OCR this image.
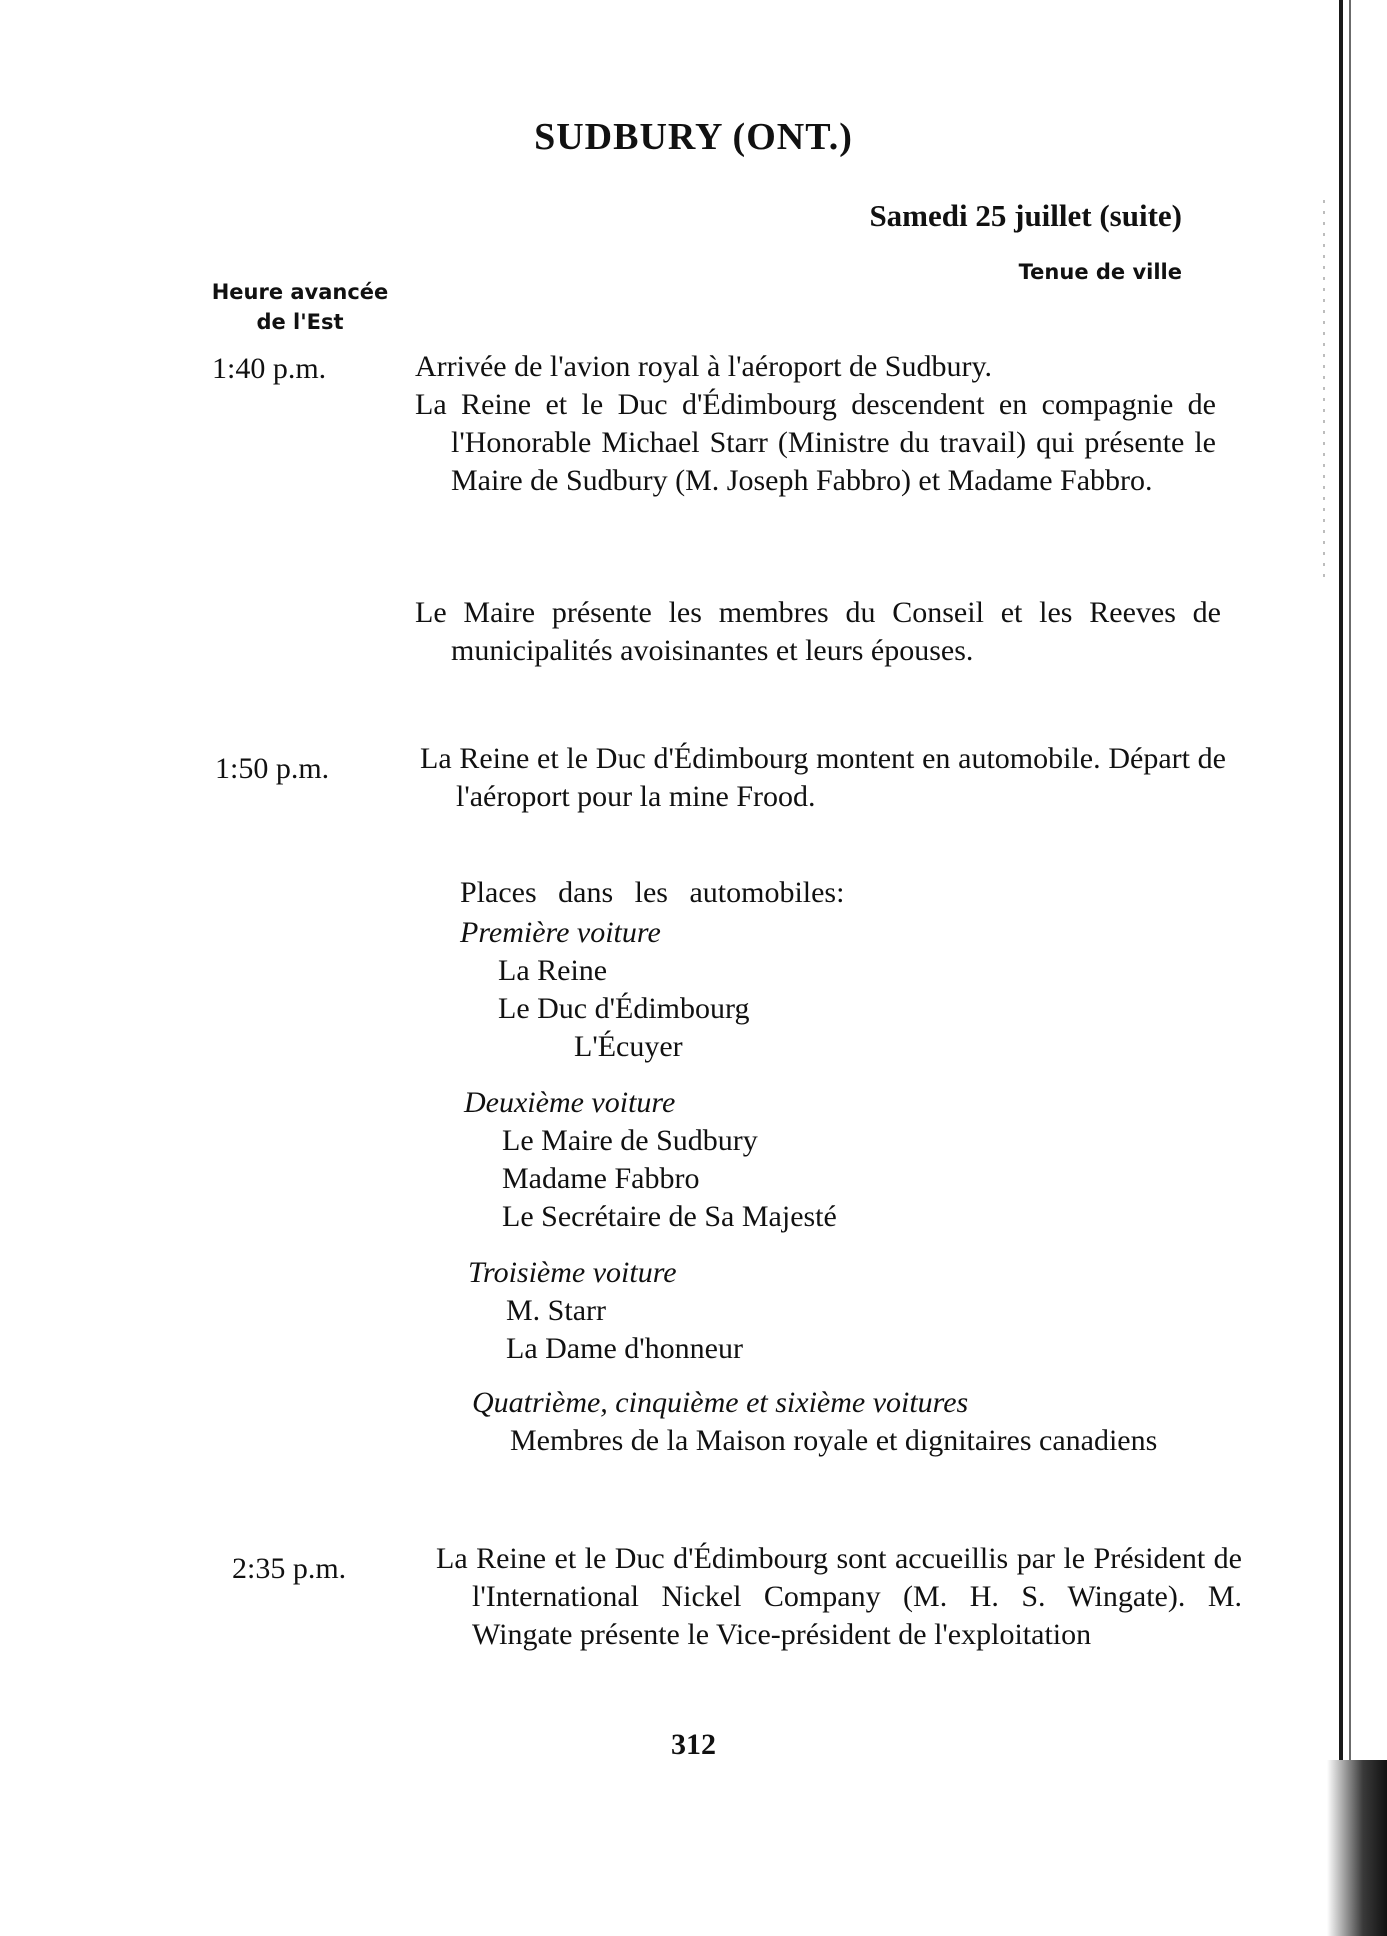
SUDBURY (ONT.)
Samedi 25 juillet (suite)
Tenue de ville
Heure avancée
de l'Est
1:40 p.m.	Arrivée de l'avion royal à l'aéroport de Sudbury.
La Reine et le Duc d'Édimbourg descendent en compagnie de l'Honorable Michael Starr (Ministre du travail) qui présente le Maire de Sudbury (M. Joseph Fabbro) et Madame Fabbro.
Le Maire présente les membres du Conseil et les Reeves de municipalités avoisinantes et leurs épouses.
1:50 p.m.	La Reine et le Duc d'Édimbourg montent en automobile. Départ de l'aéroport pour la mine Frood.
Places dans les automobiles:
Première voiture
La Reine
Le Duc d'Édimbourg
L'Écuyer
Deuxième voiture
Le Maire de Sudbury
Madame Fabbro
Le Secrétaire de Sa Majesté
Troisième voiture
M. Starr
La Dame d'honneur
Quatrième, cinquième et sixième voitures
Membres de la Maison royale et dignitaires canadiens
2:35 p.m.	La Reine et le Duc d'Édimbourg sont accueillis par le Président de l'International Nickel Company (M. H. S. Wingate). M. Wingate présente le Vice-président de l'exploitation
312
